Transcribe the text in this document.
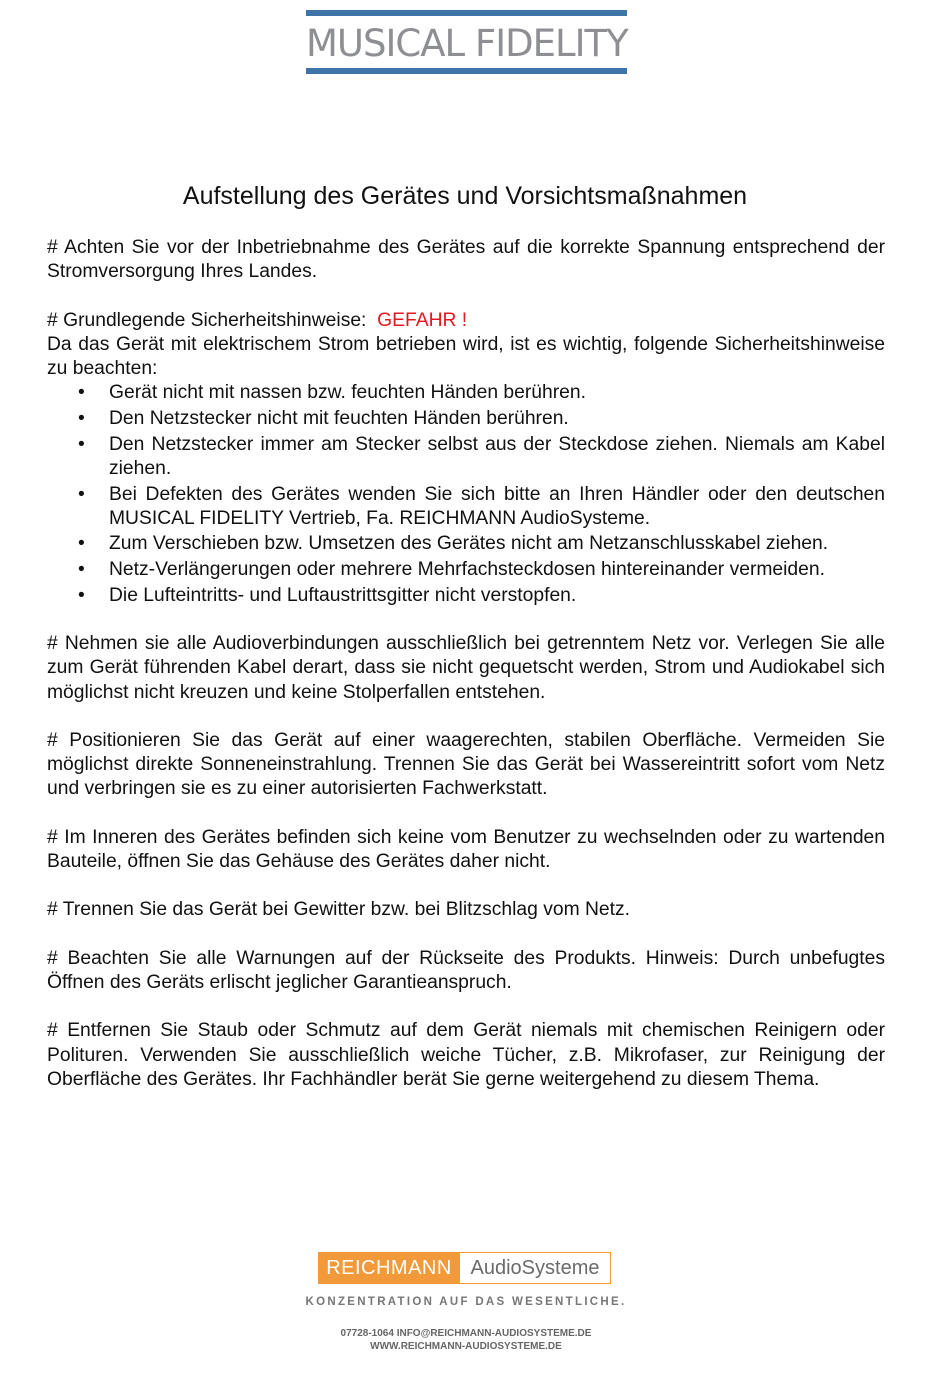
MUSICAL FIDELITY
Aufstellung des Gerätes und Vorsichtsmaßnahmen

# Achten Sie vor der Inbetriebnahme des Gerätes auf die korrekte Spannung entsprechend der Stromversorgung Ihres Landes.

# Grundlegende Sicherheitshinweise: GEFAHR !

Da das Gerät mit elektrischem Strom betrieben wird, ist es wichtig, folgende Sicherheitshinweise zu beachten:

• Gerät nicht mit nassen bzw. feuchten Händen berühren.
• Den Netzstecker nicht mit feuchten Händen berühren.
• Den Netzstecker immer am Stecker selbst aus der Steckdose ziehen. Niemals am Kabel ziehen.
• Bei Defekten des Gerätes wenden Sie sich bitte an Ihren Händler oder den deutschen MUSICAL FIDELITY Vertrieb, Fa. REICHMANN AudioSysteme.
• Zum Verschieben bzw. Umsetzen des Gerätes nicht am Netzanschlusskabel ziehen.
• Netz-Verlängerungen oder mehrere Mehrfachsteckdosen hintereinander vermeiden.
• Die Lufteintritts- und Luftaustrittsgitter nicht verstopfen.

# Nehmen sie alle Audioverbindungen ausschließlich bei getrenntem Netz vor. Verlegen Sie alle zum Gerät führenden Kabel derart, dass sie nicht gequetscht werden, Strom und Audiokabel sich möglichst nicht kreuzen und keine Stolperfallen entstehen.

# Positionieren Sie das Gerät auf einer waagerechten, stabilen Oberfläche. Vermeiden Sie möglichst direkte Sonneneinstrahlung. Trennen Sie das Gerät bei Wassereintritt sofort vom Netz und verbringen sie es zu einer autorisierten Fachwerkstatt.

# Im Inneren des Gerätes befinden sich keine vom Benutzer zu wechselnden oder zu wartenden Bauteile, öffnen Sie das Gehäuse des Gerätes daher nicht.

# Trennen Sie das Gerät bei Gewitter bzw. bei Blitzschlag vom Netz.

# Beachten Sie alle Warnungen auf der Rückseite des Produkts. Hinweis: Durch unbefugtes Öffnen des Geräts erlischt jeglicher Garantieanspruch.

# Entfernen Sie Staub oder Schmutz auf dem Gerät niemals mit chemischen Reinigern oder Polituren. Verwenden Sie ausschließlich weiche Tücher, z.B. Mikrofaser, zur Reinigung der Oberfläche des Gerätes. Ihr Fachhändler berät Sie gerne weitergehend zu diesem Thema.

REICHMANN AudioSysteme
KONZENTRATION AUF DAS WESENTLICHE.
07728-1064 INFO@REICHMANN-AUDIOSYSTEME.DE
WWW.REICHMANN-AUDIOSYSTEME.DE
